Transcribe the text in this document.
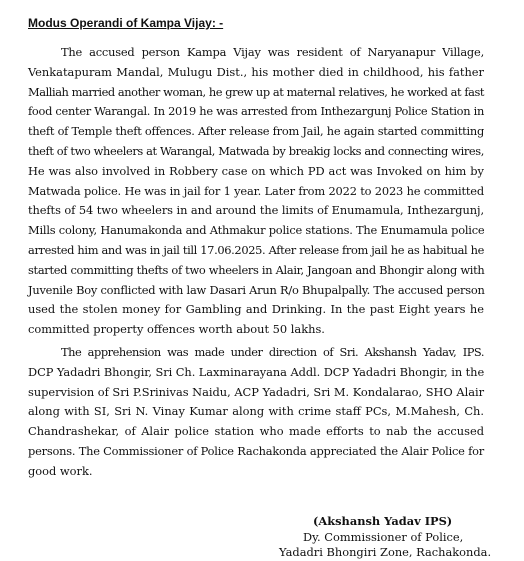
Modus Operandi of Kampa Vijay: -
The accused person Kampa Vijay was resident of Naryanapur Village,
Venkatapuram Mandal, Mulugu Dist., his mother died in childhood, his father
Malliah married another woman, he grew up at maternal relatives, he worked at fast
food center Warangal. In 2019 he was arrested from Inthezargunj Police Station in
theft of Temple theft offences. After release from Jail, he again started committing
theft of two wheelers at Warangal, Matwada by breakig locks and connecting wires,
He was also involved in Robbery case on which PD act was Invoked on him by
Matwada police. He was in jail for 1 year. Later from 2022 to 2023 he committed
thefts of 54 two wheelers in and around the limits of Enumamula, Inthezargunj,
Mills colony, Hanumakonda and Athmakur police stations. The Enumamula police
arrested him and was in jail till 17.06.2025. After release from jail he as habitual he
started committing thefts of two wheelers in Alair, Jangoan and Bhongir along with
Juvenile Boy conflicted with law Dasari Arun R/o Bhupalpally. The accused person
used the stolen money for Gambling and Drinking. In the past Eight years he
committed property offences worth about 50 lakhs.
The apprehension was made under direction of Sri. Akshansh Yadav, IPS.
DCP Yadadri Bhongir, Sri Ch. Laxminarayana Addl. DCP Yadadri Bhongir, in the
supervision of Sri P.Srinivas Naidu, ACP Yadadri, Sri M. Kondalarao, SHO Alair
along with SI, Sri N. Vinay Kumar along with crime staff PCs, M.Mahesh, Ch.
Chandrashekar, of Alair police station who made efforts to nab the accused
persons. The Commissioner of Police Rachakonda appreciated the Alair Police for
good work.
(Akshansh Yadav IPS)
Dy. Commissioner of Police,
Yadadri Bhongiri Zone, Rachakonda.
